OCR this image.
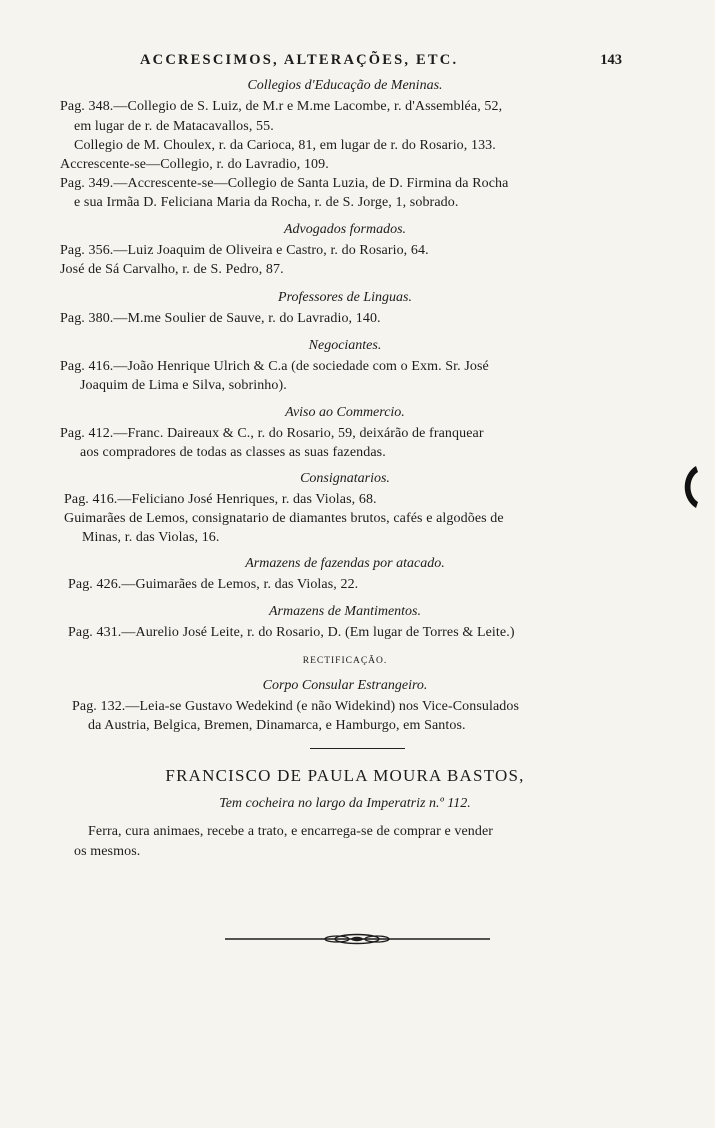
ACCRESCIMOS, ALTERAÇÕES, ETC.	143
Collegios d'Educação de Meninas.
Pag. 348.—Collegio de S. Luiz, de M.r e M.me Lacombe, r. d'Assembléa, 52,
em lugar de r. de Matacavallos, 55.
Collegio de M. Choulex, r. da Carioca, 81, em lugar de r. do Rosario, 133.
Accrescente-se—Collegio, r. do Lavradio, 109.
Pag. 349.—Accrescente-se—Collegio de Santa Luzia, de D. Firmina da Rocha
e sua Irmãa D. Feliciana Maria da Rocha, r. de S. Jorge, 1, sobrado.
Advogados formados.
Pag. 356.—Luiz Joaquim de Oliveira e Castro, r. do Rosario, 64.
José de Sá Carvalho, r. de S. Pedro, 87.
Professores de Linguas.
Pag. 380.—M.me Soulier de Sauve, r. do Lavradio, 140.
Negociantes.
Pag. 416.—João Henrique Ulrich & C.a (de sociedade com o Exm. Sr. José
Joaquim de Lima e Silva, sobrinho).
Aviso ao Commercio.
Pag. 412.—Franc. Daireaux & C., r. do Rosario, 59, deixárão de franquear
aos compradores de todas as classes as suas fazendas.
Consignatarios.
Pag. 416.—Feliciano José Henriques, r. das Violas, 68.
Guimarães de Lemos, consignatario de diamantes brutos, cafés e algodões de
Minas, r. das Violas, 16.
Armazens de fazendas por atacado.
Pag. 426.—Guimarães de Lemos, r. das Violas, 22.
Armazens de Mantimentos.
Pag. 431.—Aurelio José Leite, r. do Rosario, D. (Em lugar de Torres & Leite.)
RECTIFICAÇÃO.
Corpo Consular Estrangeiro.
Pag. 132.—Leia-se Gustavo Wedekind (e não Widekind) nos Vice-Consulados
da Austria, Belgica, Bremen, Dinamarca, e Hamburgo, em Santos.
FRANCISCO DE PAULA MOURA BASTOS,
Tem cocheira no largo da Imperatriz n.º 112.
Ferra, cura animaes, recebe a trato, e encarrega-se de comprar e vender
os mesmos.
